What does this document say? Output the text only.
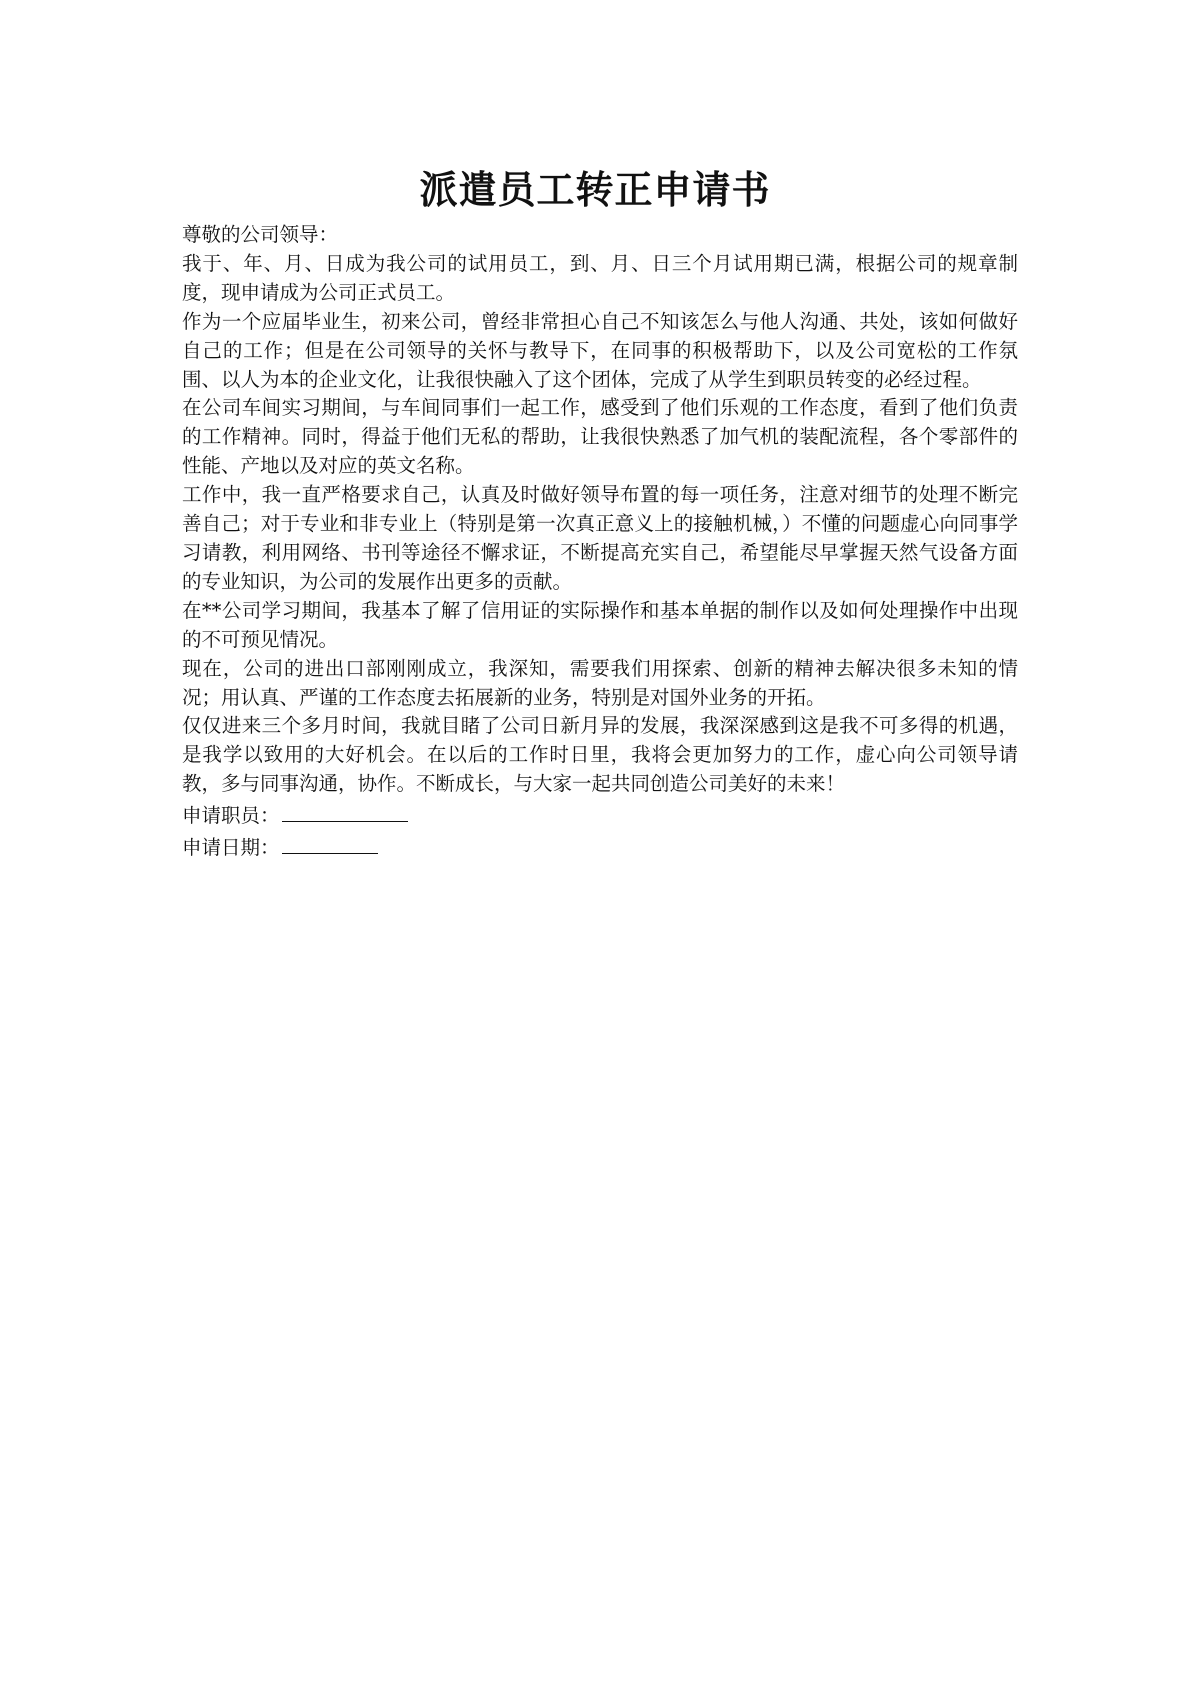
派遣员工转正申请书

尊敬的公司领导：

我于、年、月、日成为我公司的试用员工，到、月、日三个月试用期已满，根据公司的规章制度，现申请成为公司正式员工。

作为一个应届毕业生，初来公司，曾经非常担心自己不知该怎么与他人沟通、共处，该如何做好自己的工作；但是在公司领导的关怀与教导下，在同事的积极帮助下，以及公司宽松的工作氛围、以人为本的企业文化，让我很快融入了这个团体，完成了从学生到职员转变的必经过程。

在公司车间实习期间，与车间同事们一起工作，感受到了他们乐观的工作态度，看到了他们负责的工作精神。同时，得益于他们无私的帮助，让我很快熟悉了加气机的装配流程，各个零部件的性能、产地以及对应的英文名称。

工作中，我一直严格要求自己，认真及时做好领导布置的每一项任务，注意对细节的处理不断完善自己；对于专业和非专业上（特别是第一次真正意义上的接触机械，）不懂的问题虚心向同事学习请教，利用网络、书刊等途径不懈求证，不断提高充实自己，希望能尽早掌握天然气设备方面的专业知识，为公司的发展作出更多的贡献。

在**公司学习期间，我基本了解了信用证的实际操作和基本单据的制作以及如何处理操作中出现的不可预见情况。

现在，公司的进出口部刚刚成立，我深知，需要我们用探索、创新的精神去解决很多未知的情况；用认真、严谨的工作态度去拓展新的业务，特别是对国外业务的开拓。

仅仅进来三个多月时间，我就目睹了公司日新月异的发展，我深深感到这是我不可多得的机遇，是我学以致用的大好机会。在以后的工作时日里，我将会更加努力的工作，虚心向公司领导请教，多与同事沟通，协作。不断成长，与大家一起共同创造公司美好的未来！

申请职员：
申请日期：
